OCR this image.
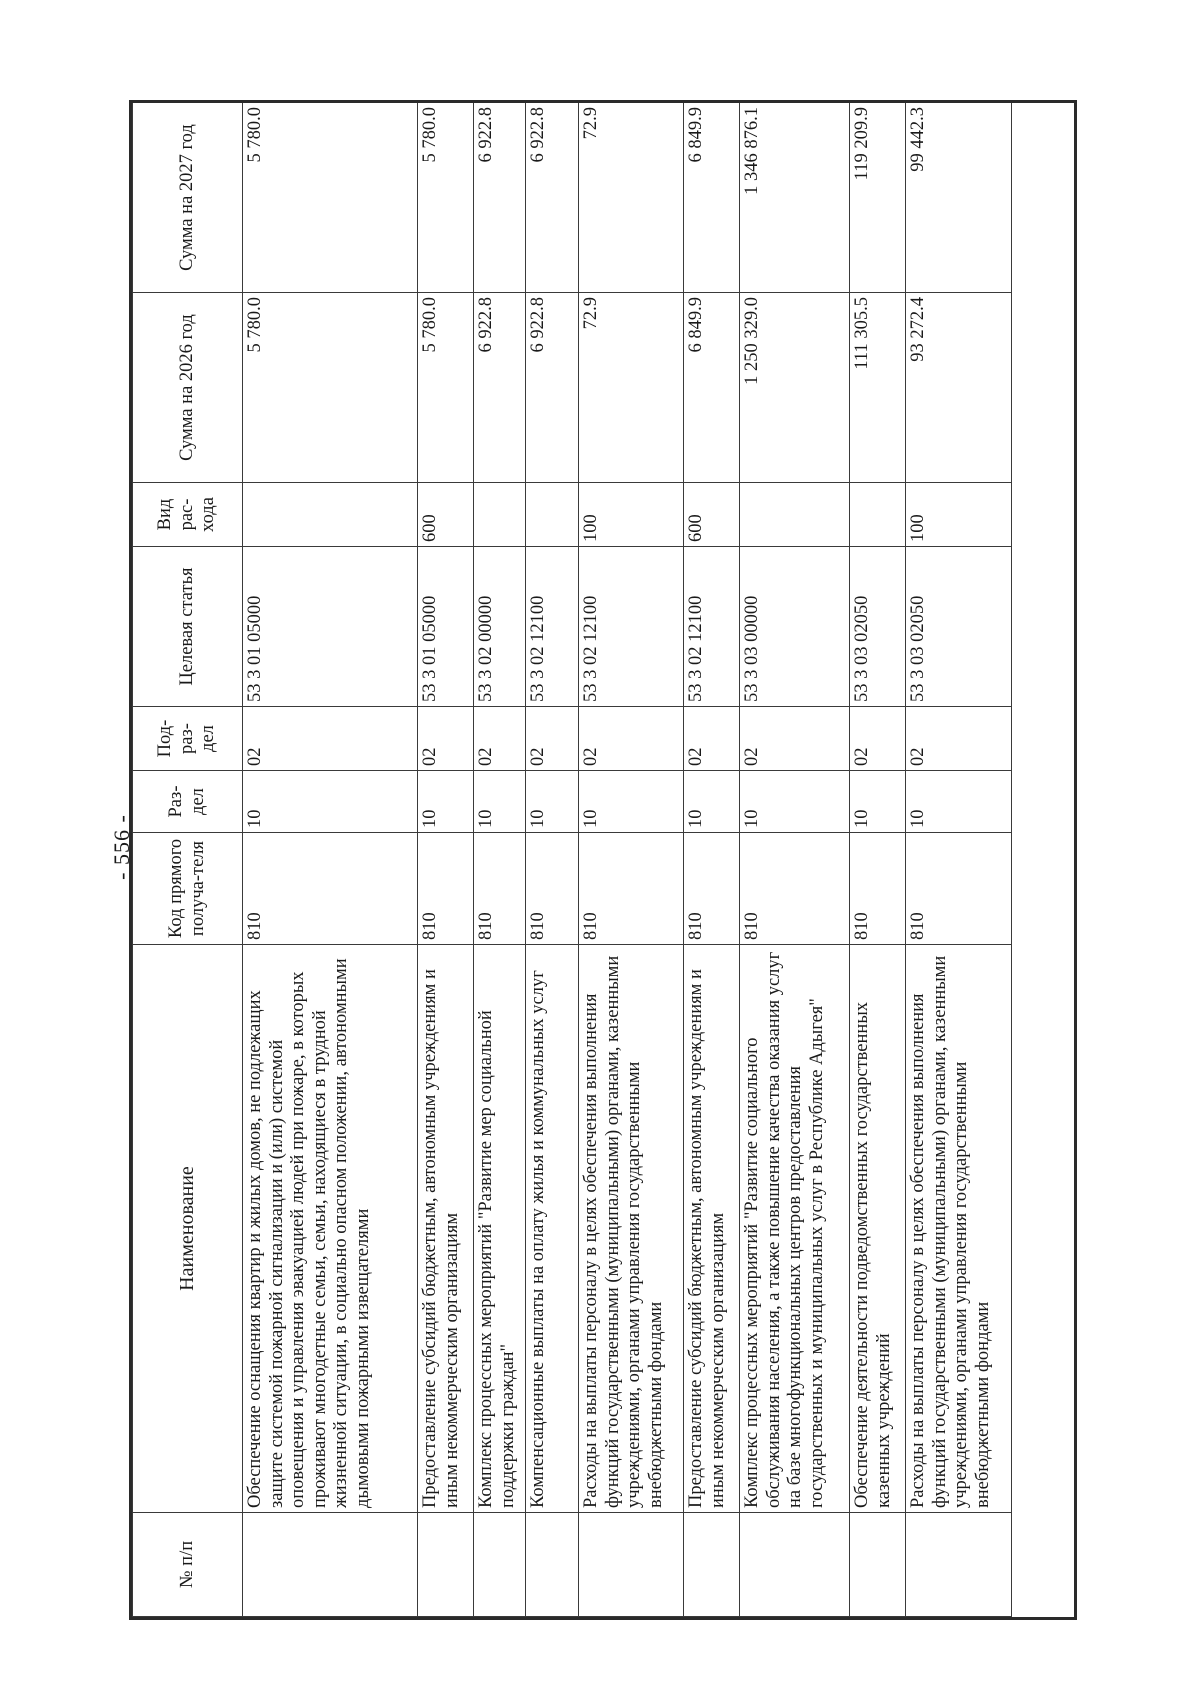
- 556 -
№ п/п	Наименование	Код прямого получа-теля	Раз-дел	Под-раз-дел	Целевая статья	Вид рас-хода	Сумма на 2026 год	Сумма на 2027 год
	Обеспечение оснащения квартир и жилых домов, не подлежащих защите системой пожарной сигнализации и (или) системой оповещения и управления эвакуацией людей при пожаре, в которых проживают многодетные семьи, семьи, находящиеся в трудной жизненной ситуации, в социально опасном положении, автономными дымовыми пожарными извещателями	810	10	02	53 3 01 05000		5 780.0	5 780.0
	Предоставление субсидий бюджетным, автономным учреждениям и иным некоммерческим организациям	810	10	02	53 3 01 05000	600	5 780.0	5 780.0
	Комплекс процессных мероприятий "Развитие мер социальной поддержки граждан"	810	10	02	53 3 02 00000		6 922.8	6 922.8
	Компенсационные выплаты на оплату жилья и коммунальных услуг	810	10	02	53 3 02 12100		6 922.8	6 922.8
	Расходы на выплаты персоналу в целях обеспечения выполнения функций государственными (муниципальными) органами, казенными учреждениями, органами управления государственными внебюджетными фондами	810	10	02	53 3 02 12100	100	72.9	72.9
	Предоставление субсидий бюджетным, автономным учреждениям и иным некоммерческим организациям	810	10	02	53 3 02 12100	600	6 849.9	6 849.9
	Комплекс процессных мероприятий "Развитие социального обслуживания населения, а также повышение качества оказания услуг на базе многофункциональных центров предоставления государственных и муниципальных услуг в Республике Адыгея"	810	10	02	53 3 03 00000		1 250 329.0	1 346 876.1
	Обеспечение деятельности подведомственных государственных казенных учреждений	810	10	02	53 3 03 02050		111 305.5	119 209.9
	Расходы на выплаты персоналу в целях обеспечения выполнения функций государственными (муниципальными) органами, казенными учреждениями, органами управления государственными внебюджетными фондами	810	10	02	53 3 03 02050	100	93 272.4	99 442.3
